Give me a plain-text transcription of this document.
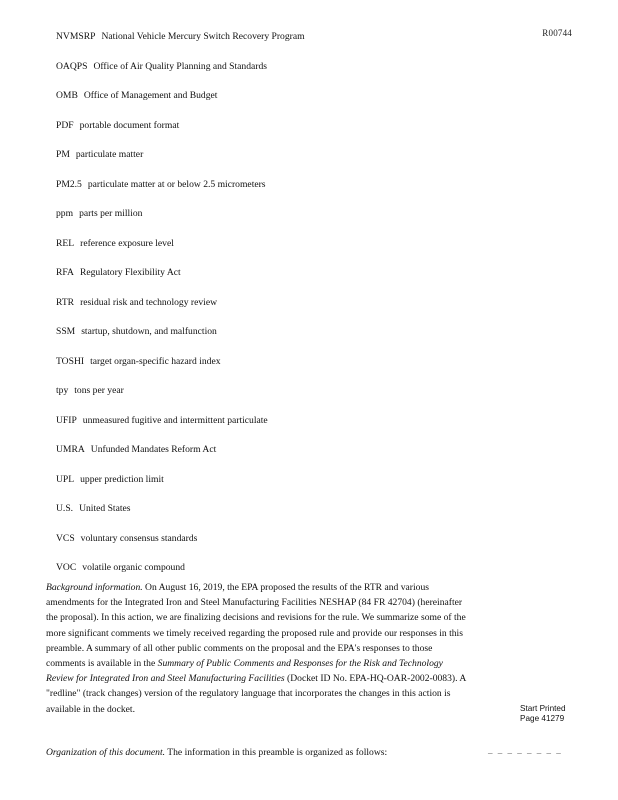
R00744
NVMSRP National Vehicle Mercury Switch Recovery Program
OAQPS Office of Air Quality Planning and Standards
OMB Office of Management and Budget
PDF portable document format
PM particulate matter
PM2.5 particulate matter at or below 2.5 micrometers
ppm parts per million
REL reference exposure level
RFA Regulatory Flexibility Act
RTR residual risk and technology review
SSM startup, shutdown, and malfunction
TOSHI target organ-specific hazard index
tpy tons per year
UFIP unmeasured fugitive and intermittent particulate
UMRA Unfunded Mandates Reform Act
UPL upper prediction limit
U.S. United States
VCS voluntary consensus standards
VOC volatile organic compound
Background information. On August 16, 2019, the EPA proposed the results of the RTR and various amendments for the Integrated Iron and Steel Manufacturing Facilities NESHAP (84 FR 42704) (hereinafter the proposal). In this action, we are finalizing decisions and revisions for the rule. We summarize some of the more significant comments we timely received regarding the proposed rule and provide our responses in this preamble. A summary of all other public comments on the proposal and the EPA's responses to those comments is available in the Summary of Public Comments and Responses for the Risk and Technology Review for Integrated Iron and Steel Manufacturing Facilities (Docket ID No. EPA-HQ-OAR-2002-0083). A "redline" (track changes) version of the regulatory language that incorporates the changes in this action is available in the docket.	Start Printed
Page 41279
Organization of this document. The information in this preamble is organized as follows:	– – – – – – – –
